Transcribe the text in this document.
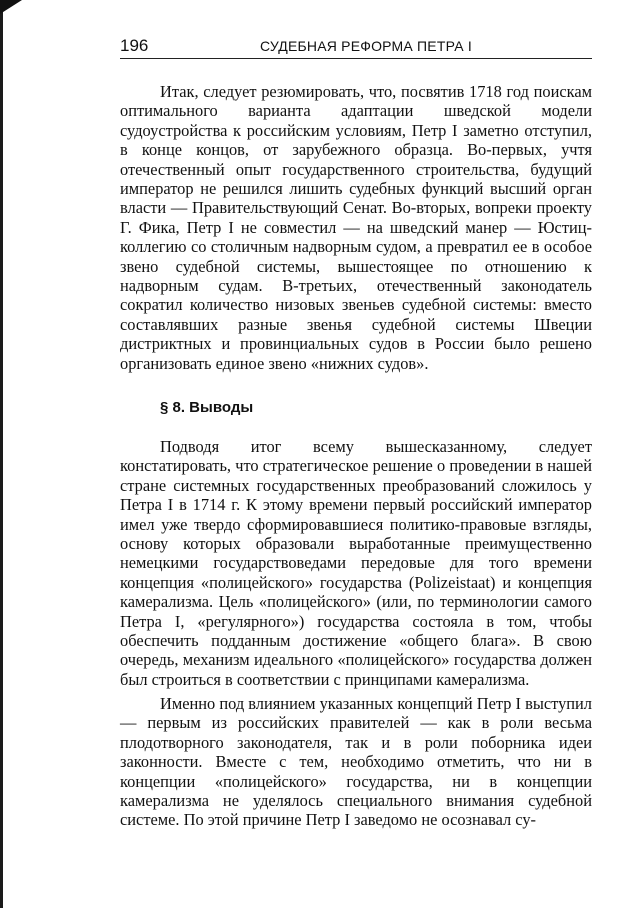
196	СУДЕБНАЯ РЕФОРМА ПЕТРА I

Итак, следует резюмировать, что, посвятив 1718 год поискам оптимального варианта адаптации шведской модели судоустройства к российским условиям, Петр I заметно отступил, в конце концов, от зарубежного образца. Во-первых, учтя отечественный опыт государственного строительства, будущий император не решился лишить судебных функций высший орган власти — Правительствующий Сенат. Во-вторых, вопреки проекту Г. Фика, Петр I не совместил — на шведский манер — Юстиц-коллегию со столичным надворным судом, а превратил ее в особое звено судебной системы, вышестоящее по отношению к надворным судам. В-третьих, отечественный законодатель сократил количество низовых звеньев судебной системы: вместо составлявших разные звенья судебной системы Швеции дистриктных и провинциальных судов в России было решено организовать единое звено «нижних судов».

§ 8. Выводы

Подводя итог всему вышесказанному, следует констатировать, что стратегическое решение о проведении в нашей стране системных государственных преобразований сложилось у Петра I в 1714 г. К этому времени первый российский император имел уже твердо сформировавшиеся политико-правовые взгляды, основу которых образовали выработанные преимущественно немецкими государствоведами передовые для того времени концепция «полицейского» государства (Polizeistaat) и концепция камерализма. Цель «полицейского» (или, по терминологии самого Петра I, «регулярного») государства состояла в том, чтобы обеспечить подданным достижение «общего блага». В свою очередь, механизм идеального «полицейского» государства должен был строиться в соответствии с принципами камерализма.

Именно под влиянием указанных концепций Петр I выступил — первым из российских правителей — как в роли весьма плодотворного законодателя, так и в роли поборника идеи законности. Вместе с тем, необходимо отметить, что ни в концепции «полицейского» государства, ни в концепции камерализма не уделялось специального внимания судебной системе. По этой причине Петр I заведомо не осознавал су-
